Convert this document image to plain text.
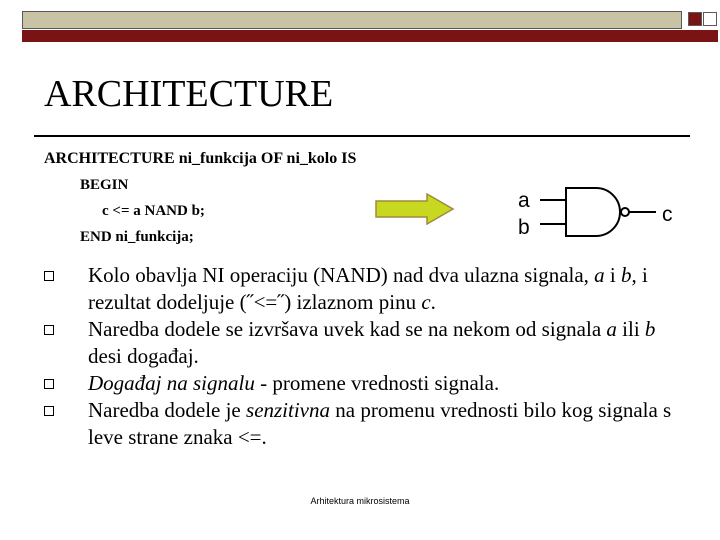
ARCHITECTURE
ARCHITECTURE ni_funkcija OF ni_kolo IS
BEGIN
c <= a NAND b;
END ni_funkcija;
a
b
c
Kolo obavlja NI operaciju (NAND) nad dva ulazna signala, a i b, i rezultat dodeljuje (˝<=˝) izlaznom pinu c.
Naredba dodele se izvršava uvek kad se na nekom od signala a ili b desi događaj.
Događaj na signalu - promene vrednosti signala.
Naredba dodele je senzitivna na promenu vrednosti bilo kog signala s leve strane znaka <=.
Arhitektura mikrosistema
